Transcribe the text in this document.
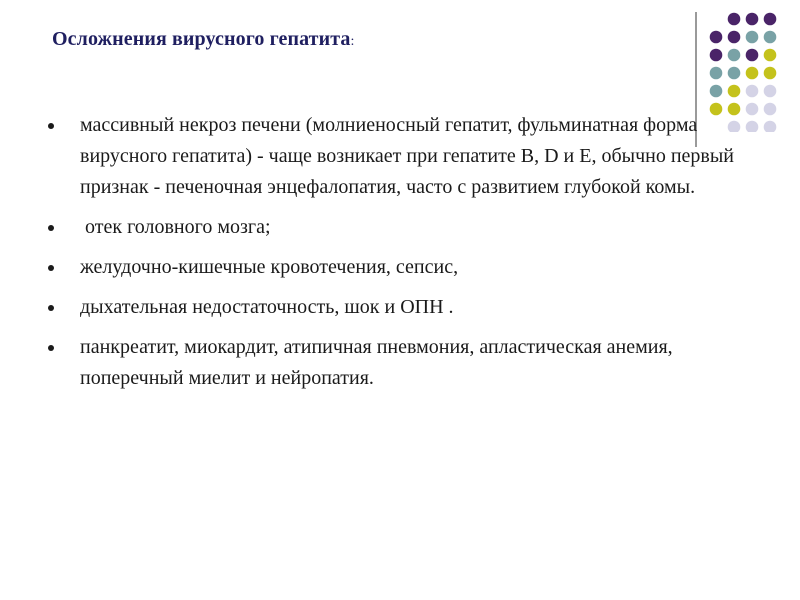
Осложнения вирусного гепатита:
массивный некроз печени (молниеносный гепатит, фульминатная форма вирусного гепатита) - чаще возникает при гепатите В, D и Е, обычно первый признак - печеночная энцефалопатия, часто с развитием глубокой комы.
отек головного мозга;
желудочно-кишечные кровотечения, сепсис,
дыхательная недостаточность, шок и ОПН .
панкреатит, миокардит, атипичная пневмония, апластическая анемия, поперечный миелит и нейропатия.
